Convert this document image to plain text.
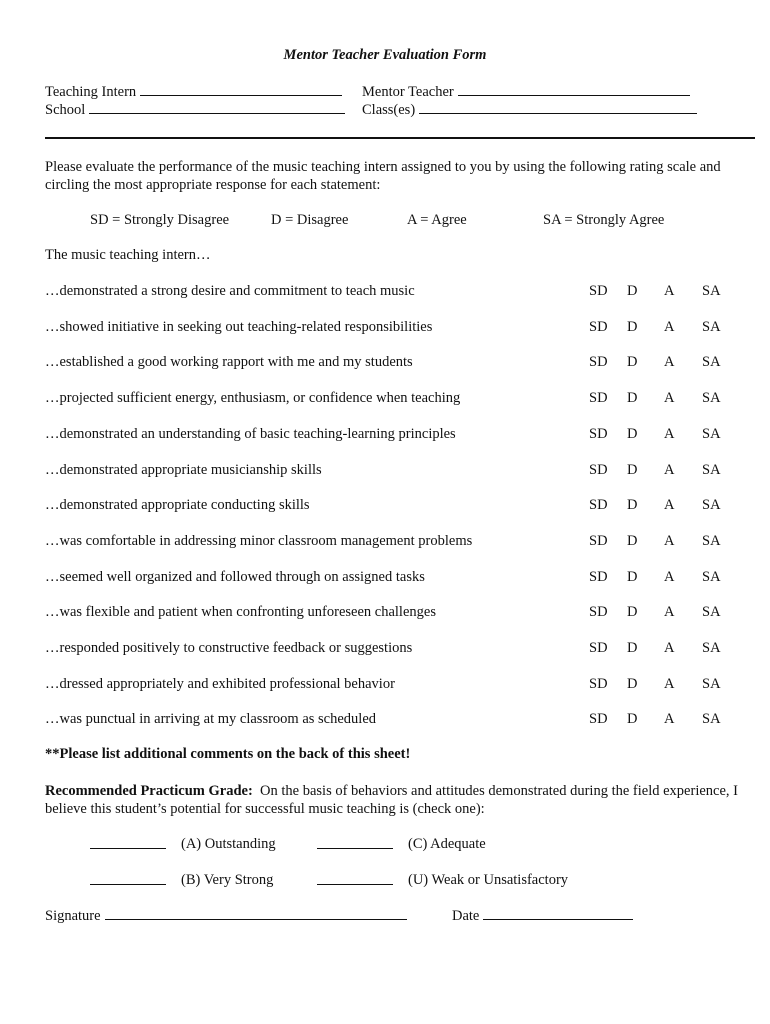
Mentor Teacher Evaluation Form
Teaching Intern	Mentor Teacher
School	Class(es)
Please evaluate the performance of the music teaching intern assigned to you by using the following rating scale and circling the most appropriate response for each statement:
SD = Strongly Disagree	D = Disagree	A = Agree	SA = Strongly Agree
The music teaching intern…
…demonstrated a strong desire and commitment to teach music	SD D A SA
…showed initiative in seeking out teaching-related responsibilities	SD D A SA
…established a good working rapport with me and my students	SD D A SA
…projected sufficient energy, enthusiasm, or confidence when teaching	SD D A SA
…demonstrated an understanding of basic teaching-learning principles	SD D A SA
…demonstrated appropriate musicianship skills	SD D A SA
…demonstrated appropriate conducting skills	SD D A SA
…was comfortable in addressing minor classroom management problems	SD D A SA
…seemed well organized and followed through on assigned tasks	SD D A SA
…was flexible and patient when confronting unforeseen challenges	SD D A SA
…responded positively to constructive feedback or suggestions	SD D A SA
…dressed appropriately and exhibited professional behavior	SD D A SA
…was punctual in arriving at my classroom as scheduled	SD D A SA
**Please list additional comments on the back of this sheet!
Recommended Practicum Grade: On the basis of behaviors and attitudes demonstrated during the field experience, I believe this student’s potential for successful music teaching is (check one):
(A) Outstanding	(C) Adequate
(B) Very Strong	(U) Weak or Unsatisfactory
Signature	Date
